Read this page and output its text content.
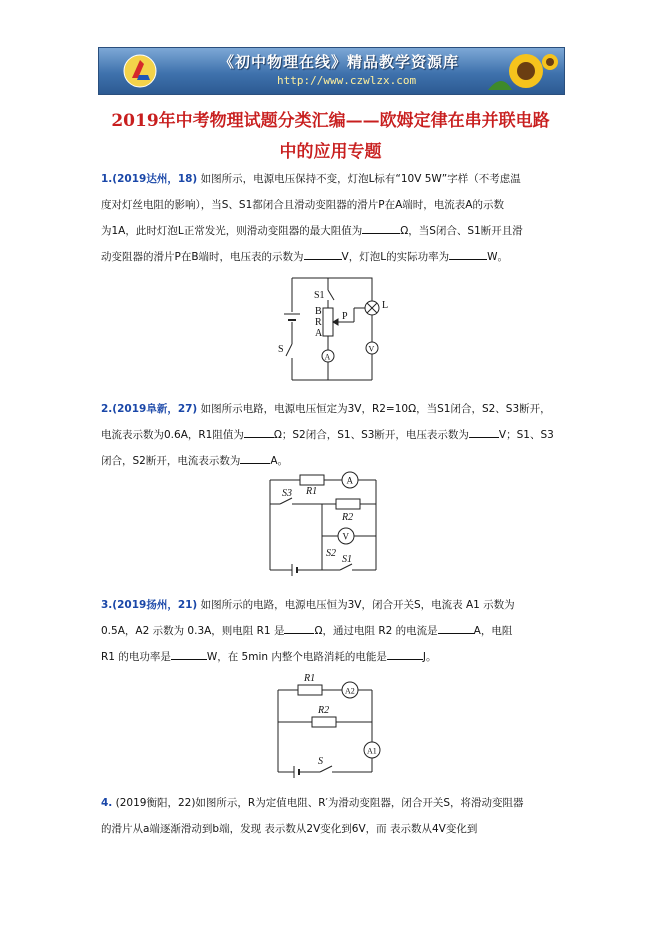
《初中物理在线》精品教学资源库
http://www.czwlzx.com
2019年中考物理试题分类汇编——欧姆定律在串并联电路
中的应用专题
1.(2019达州，18) 如图所示，电源电压保持不变，灯泡L标有“10V 5W”字样（不考虑温
度对灯丝电阻的影响），当S、S1都闭合且滑动变阻器的滑片P在A端时，电流表A的示数
为1A，此时灯泡L正常发光，则滑动变阻器的最大阻值为	Ω，当S闭合、S1断开且滑
动变阻器的滑片P在B端时，电压表的示数为	V，灯泡L的实际功率为	W。
S1
B
R
A
P
L
S
A
V
2.(2019阜新，27) 如图所示电路，电源电压恒定为3V，R2=10Ω，当S1闭合，S2、S3断开，
电流表示数为0.6A，R1阻值为	Ω；S2闭合，S1、S3断开，电压表示数为	V；S1、S3
闭合，S2断开，电流表示数为	A。
R1
R2
S3
S2
S1
A
V
3.(2019扬州，21) 如图所示的电路，电源电压恒为3V，闭合开关S，电流表 A1 示数为
0.5A，A2 示数为 0.3A，则电阻 R1 是	Ω，通过电阻 R2 的电流是	A，电阻
R1 的电功率是	W，在 5min 内整个电路消耗的电能是	J。
R1
R2
S
A2
A1
4. (2019衡阳，22)如图所示，R为定值电阻、R′为滑动变阻器，闭合开关S，将滑动变阻器
的滑片从a端逐渐滑动到b端，发现 表示数从2V变化到6V，而 表示数从4V变化到
